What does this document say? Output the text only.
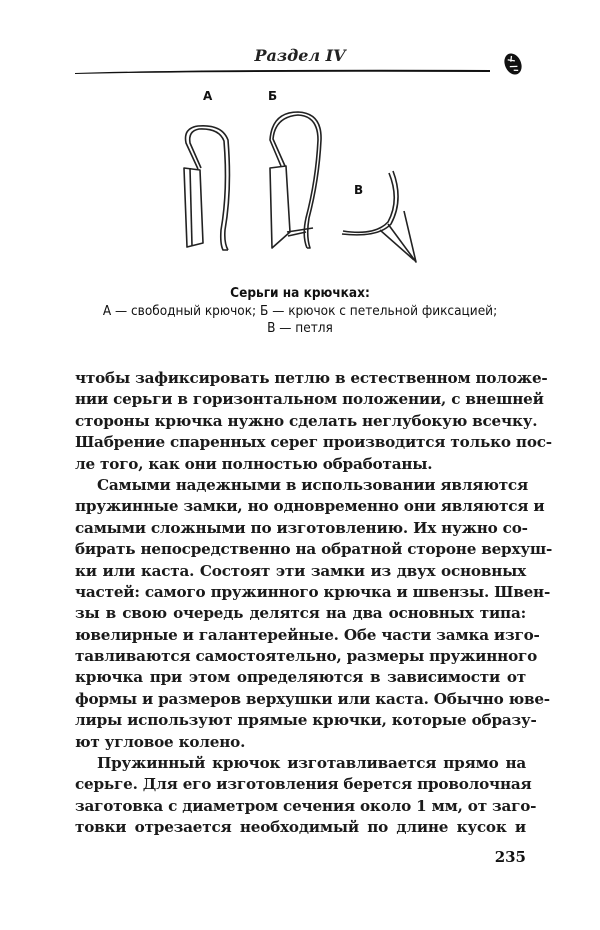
Раздел IV
А	Б
В
Серьги на крючках:
А — свободный крючок; Б — крючок с петельной фиксацией;
В — петля
чтобы зафиксировать петлю в естественном положе-
нии серьги в горизонтальном положении, с внешней
стороны крючка нужно сделать неглубокую всечку.
Шабрение спаренных серег производится только пос-
ле того, как они полностью обработаны.
Самыми надежными в использовании являются
пружинные замки, но одновременно они являются и
самыми сложными по изготовлению. Их нужно со-
бирать непосредственно на обратной стороне верхуш-
ки или каста. Состоят эти замки из двух основных
частей: самого пружинного крючка и швензы. Швен-
зы в свою очередь делятся на два основных типа:
ювелирные и галантерейные. Обе части замка изго-
тавливаются самостоятельно, размеры пружинного
крючка при этом определяются в зависимости от
формы и размеров верхушки или каста. Обычно юве-
лиры используют прямые крючки, которые образу-
ют угловое колено.
Пружинный крючок изготавливается прямо на
серьге. Для его изготовления берется проволочная
заготовка с диаметром сечения около 1 мм, от заго-
товки отрезается необходимый по длине кусок и
235
